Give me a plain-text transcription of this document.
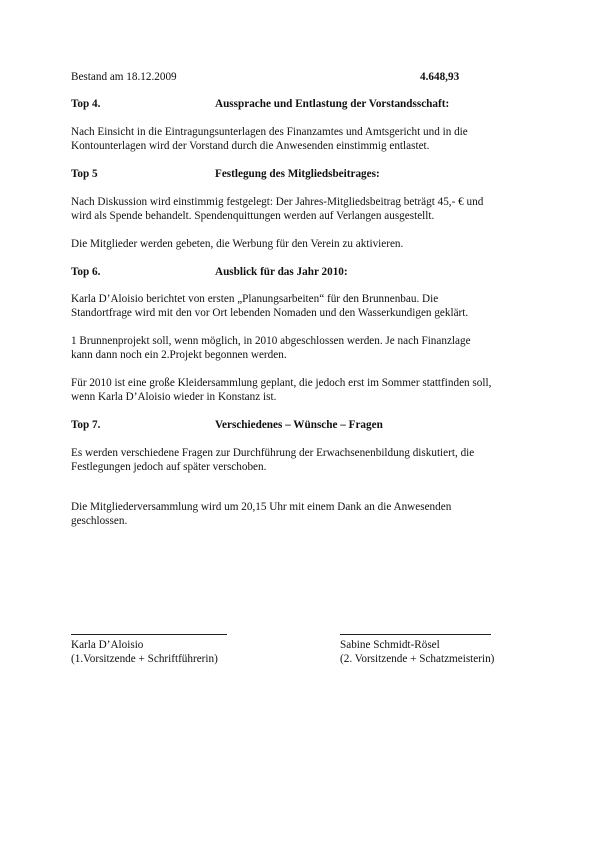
Bestand am 18.12.2009	4.648,93
Top 4.	Aussprache und Entlastung der Vorstandsschaft:
Nach Einsicht in die Eintragungsunterlagen des Finanzamtes und Amtsgericht und in die
Kontounterlagen wird der Vorstand durch die Anwesenden einstimmig entlastet.
Top 5	Festlegung des Mitgliedsbeitrages:
Nach Diskussion wird einstimmig festgelegt: Der Jahres-Mitgliedsbeitrag beträgt 45,- € und
wird als Spende behandelt. Spendenquittungen werden auf Verlangen ausgestellt.
Die Mitglieder werden gebeten, die Werbung für den Verein zu aktivieren.
Top 6.	Ausblick für das Jahr 2010:
Karla D’Aloisio berichtet von ersten „Planungsarbeiten“ für den Brunnenbau. Die
Standortfrage wird mit den vor Ort lebenden Nomaden und den Wasserkundigen geklärt.
1 Brunnenprojekt soll, wenn möglich, in 2010 abgeschlossen werden. Je nach Finanzlage
kann dann noch ein 2.Projekt begonnen werden.
Für 2010 ist eine große Kleidersammlung geplant, die jedoch erst im Sommer stattfinden soll,
wenn Karla D’Aloisio wieder in Konstanz ist.
Top 7.	Verschiedenes – Wünsche – Fragen
Es werden verschiedene Fragen zur Durchführung der Erwachsenenbildung diskutiert, die
Festlegungen jedoch auf später verschoben.
Die Mitgliederversammlung wird um 20,15 Uhr mit einem Dank an die Anwesenden
geschlossen.
Karla D’Aloisio
(1.Vorsitzende + Schriftführerin)
Sabine Schmidt-Rösel
(2. Vorsitzende + Schatzmeisterin)
